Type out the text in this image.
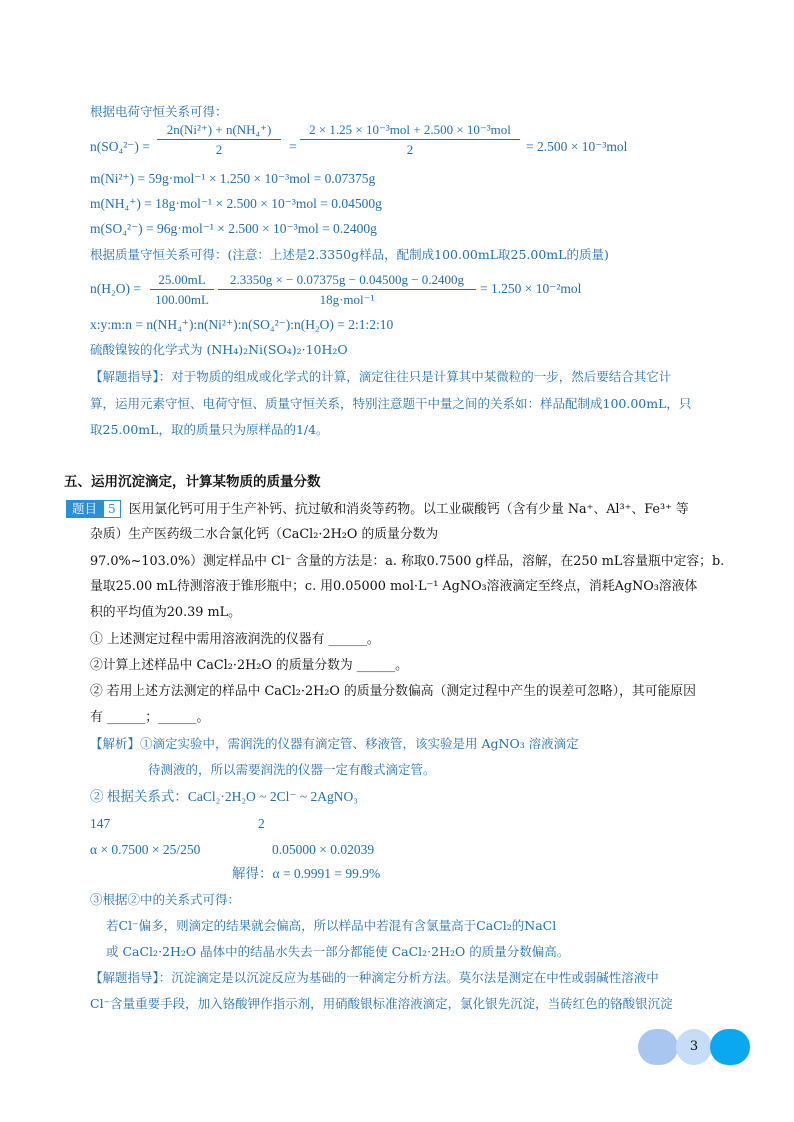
根据电荷守恒关系可得：
n(SO₄²⁻) =
2n(Ni²⁺) + n(NH₄⁺)
2	=
2 × 1.25 × 10⁻³mol + 2.500 × 10⁻³mol
2	= 2.500 × 10⁻³mol
m(Ni²⁺) = 59g·mol⁻¹ × 1.250 × 10⁻³mol = 0.07375g
m(NH₄⁺) = 18g·mol⁻¹ × 2.500 × 10⁻³mol = 0.04500g
m(SO₄²⁻) = 96g·mol⁻¹ × 2.500 × 10⁻³mol = 0.2400g
根据质量守恒关系可得：(注意：上述是2.3350g样品，配制成100.00mL取25.00mL的质量)
n(H₂O) =
25.00mL
100.00mL
2.3350g × − 0.07375g − 0.04500g − 0.2400g
18g·mol⁻¹
= 1.250 × 10⁻²mol
x:y:m:n = n(NH₄⁺):n(Ni²⁺):n(SO₄²⁻):n(H₂O) = 2:1:2:10
硫酸镍铵的化学式为 (NH₄)₂Ni(SO₄)₂·10H₂O
【解题指导】：对于物质的组成或化学式的计算，滴定往往只是计算其中某微粒的一步，然后要结合其它计
算，运用元素守恒、电荷守恒、质量守恒关系，特别注意题干中量之间的关系如：样品配制成100.00mL，只
取25.00mL，取的质量只为原样品的1/4。
五、运用沉淀滴定，计算某物质的质量分数
题目 5 医用氯化钙可用于生产补钙、抗过敏和消炎等药物。以工业碳酸钙（含有少量 Na⁺、Al³⁺、Fe³⁺ 等
杂质）生产医药级二水合氯化钙（CaCl₂·2H₂O 的质量分数为
97.0%~103.0%）测定样品中 Cl⁻ 含量的方法是：a. 称取0.7500 g样品，溶解，在250 mL容量瓶中定容；b.
量取25.00 mL待测溶液于锥形瓶中；c. 用0.05000 mol·L⁻¹ AgNO₃溶液滴定至终点，消耗AgNO₃溶液体
积的平均值为20.39 mL。
① 上述测定过程中需用溶液润洗的仪器有 ______。
②计算上述样品中 CaCl₂·2H₂O 的质量分数为 ______。
② 若用上述方法测定的样品中 CaCl₂·2H₂O 的质量分数偏高（测定过程中产生的误差可忽略），其可能原因
有 ______；______。
【解析】①滴定实验中，需润洗的仪器有滴定管、移液管，该实验是用 AgNO₃ 溶液滴定
待测液的，所以需要润洗的仪器一定有酸式滴定管。
② 根据关系式：CaCl₂·2H₂O ~ 2Cl⁻ ~ 2AgNO₃
147	2
α × 0.7500 × 25/250	0.05000 × 0.02039
解得：α = 0.9991 = 99.9%
③根据②中的关系式可得：
若Cl⁻偏多，则滴定的结果就会偏高，所以样品中若混有含氯量高于CaCl₂的NaCl
或 CaCl₂·2H₂O 晶体中的结晶水失去一部分都能使 CaCl₂·2H₂O 的质量分数偏高。
【解题指导】：沉淀滴定是以沉淀反应为基础的一种滴定分析方法。莫尔法是测定在中性或弱碱性溶液中
Cl⁻含量重要手段，加入铬酸钾作指示剂，用硝酸银标准溶液滴定，氯化银先沉淀，当砖红色的铬酸银沉淀
3
